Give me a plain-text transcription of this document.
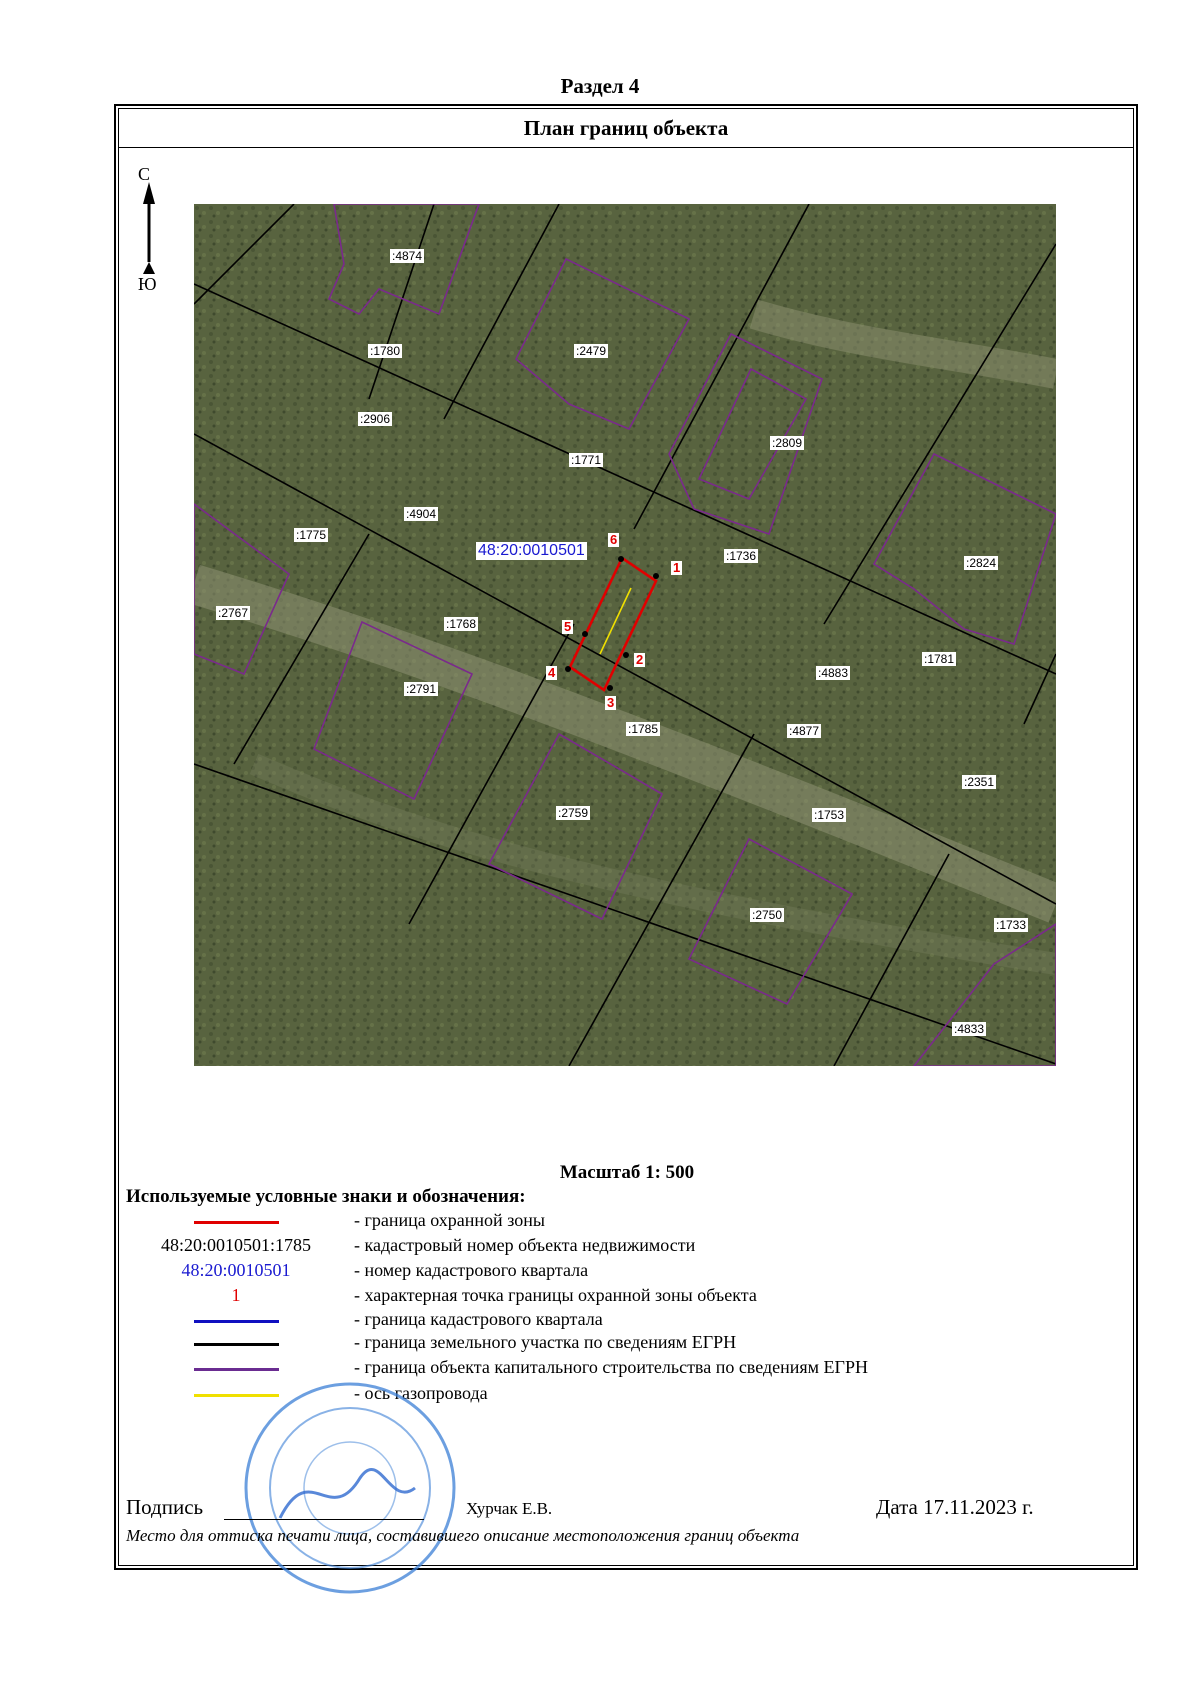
Раздел 4
План границ объекта
С
Ю
:4874
:1780	:2479
:2906
:1771
:2809
:4904
:1775
:1736	:2824
:2767
:1768
:2791
:1781
:4883
:1785	:4877
:2351
:2759	:1753
:2750
:1733
:4833
48:20:0010501
1
2
3
4
5
6
Масштаб 1: 500
Используемые условные знаки и обозначения:
- граница охранной зоны
48:20:0010501:1785	- кадастровый номер объекта недвижимости
48:20:0010501	- номер кадастрового квартала
1	- характерная точка границы охранной зоны объекта
- граница кадастрового квартала
- граница земельного участка по сведениям ЕГРН
- граница объекта капитального строительства по сведениям ЕГРН
- ось газопровода
Подпись	Хурчак Е.В.	Дата 17.11.2023 г.
Место для оттиска печати лица, составившего описание местоположения границ объекта
